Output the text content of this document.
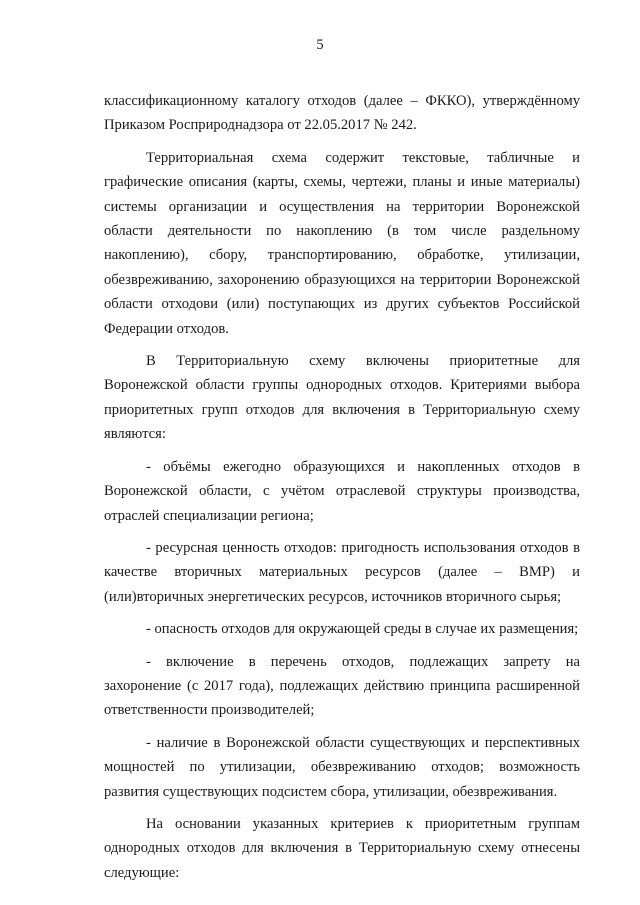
5

классификационному каталогу отходов (далее – ФККО), утверждённому Приказом Росприроднадзора от 22.05.2017 № 242.

Территориальная схема содержит текстовые, табличные и графические описания (карты, схемы, чертежи, планы и иные материалы) системы организации и осуществления на территории Воронежской области деятельности по накоплению (в том числе раздельному накоплению), сбору, транспортированию, обработке, утилизации, обезвреживанию, захоронению образующихся на территории Воронежской области отходови (или) поступающих из других субъектов Российской Федерации отходов.

В Территориальную схему включены приоритетные для Воронежской области группы однородных отходов. Критериями выбора приоритетных групп отходов для включения в Территориальную схему являются:

- объёмы ежегодно образующихся и накопленных отходов в Воронежской области, с учётом отраслевой структуры производства, отраслей специализации региона;

- ресурсная ценность отходов: пригодность использования отходов в качестве вторичных материальных ресурсов (далее – ВМР) и (или)вторичных энергетических ресурсов, источников вторичного сырья;

- опасность отходов для окружающей среды в случае их размещения;

- включение в перечень отходов, подлежащих запрету на захоронение (с 2017 года), подлежащих действию принципа расширенной ответственности производителей;

- наличие в Воронежской области существующих и перспективных мощностей по утилизации, обезвреживанию отходов; возможность развития существующих подсистем сбора, утилизации, обезвреживания.

На основании указанных критериев к приоритетным группам однородных отходов для включения в Территориальную схему отнесены следующие:
